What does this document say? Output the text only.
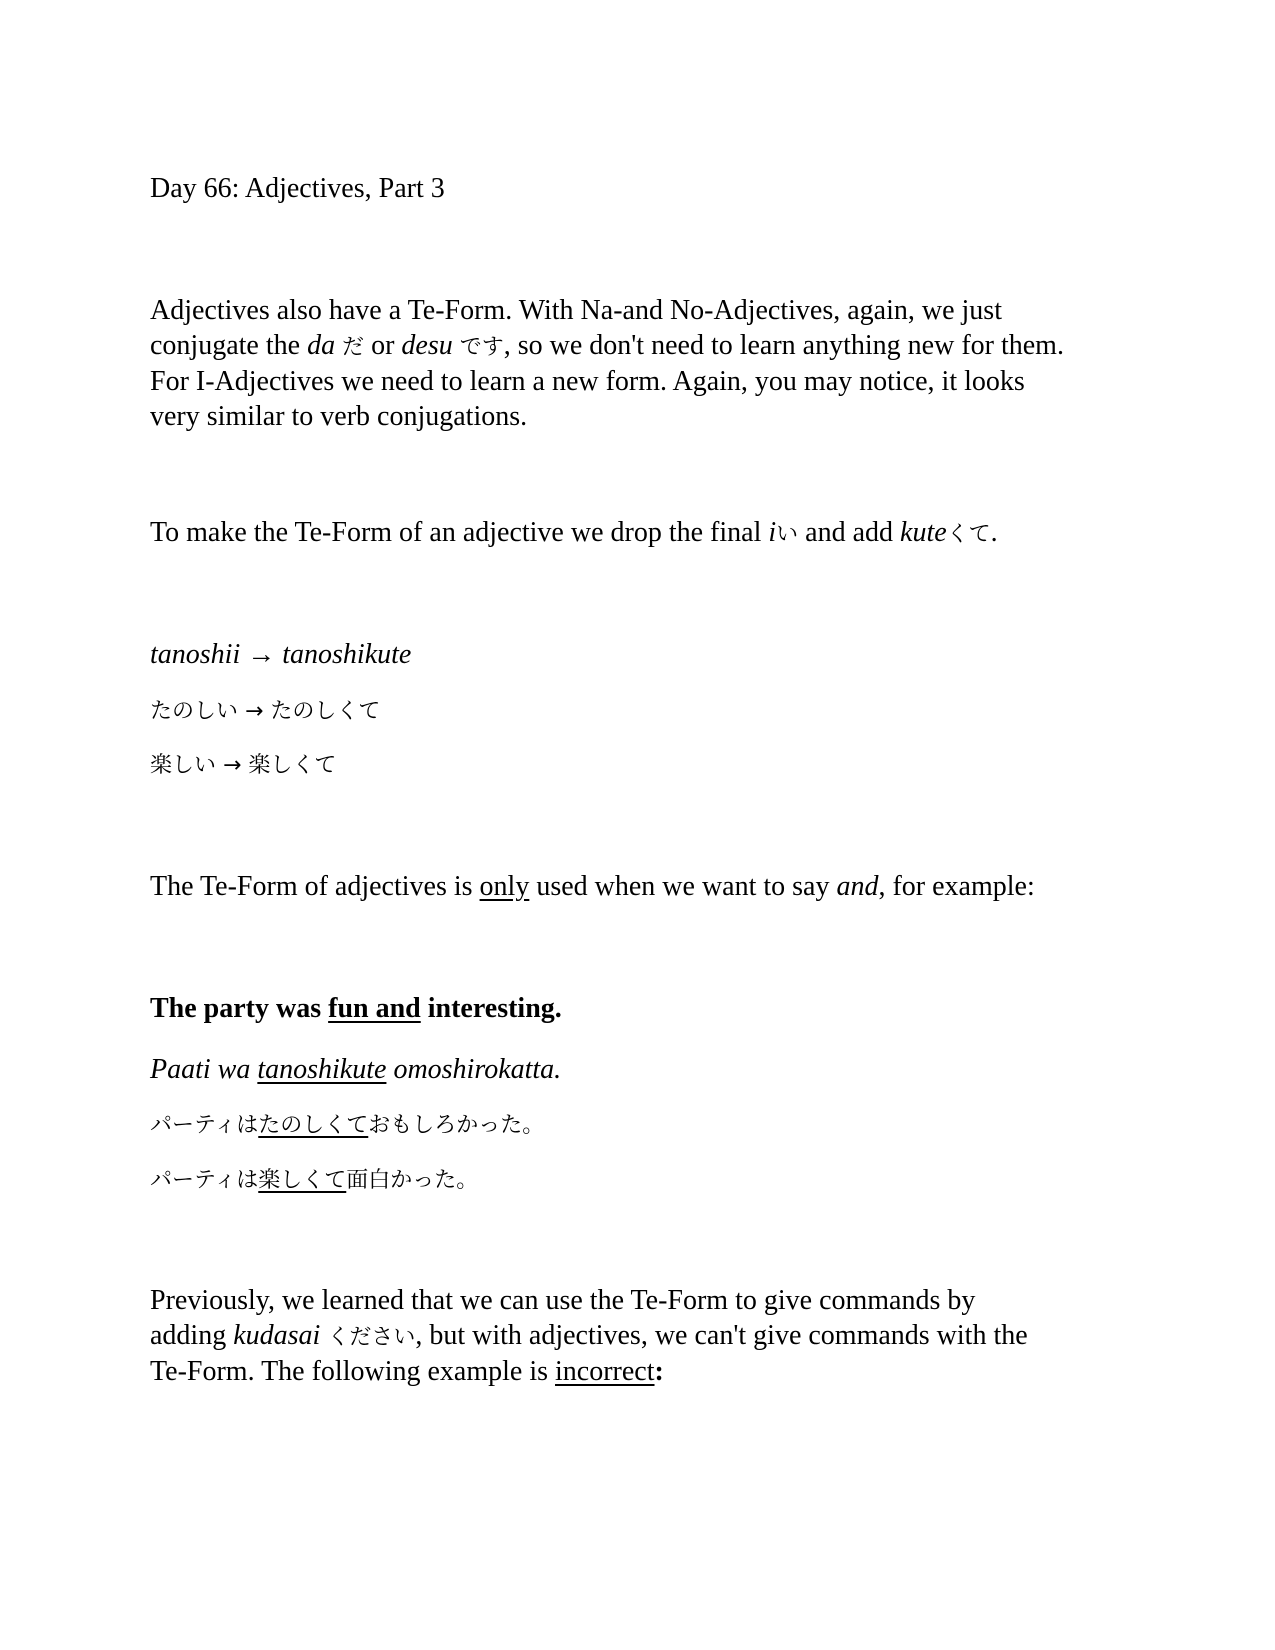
Day 66: Adjectives, Part 3
Adjectives also have a Te-Form. With Na-and No-Adjectives, again, we just
conjugate the da だ or desu です, so we don't need to learn anything new for them.
For I-Adjectives we need to learn a new form. Again, you may notice, it looks
very similar to verb conjugations.
To make the Te-Form of an adjective we drop the final iい and add kuteくて.
tanoshii → tanoshikute
たのしい → たのしくて
楽しい → 楽しくて
The Te-Form of adjectives is only used when we want to say and, for example:
The party was fun and interesting.
Paati wa tanoshikute omoshirokatta.
パーティはたのしくておもしろかった。
パーティは楽しくて面白かった。
Previously, we learned that we can use the Te-Form to give commands by
adding kudasai ください, but with adjectives, we can't give commands with the
Te-Form. The following example is incorrect:
